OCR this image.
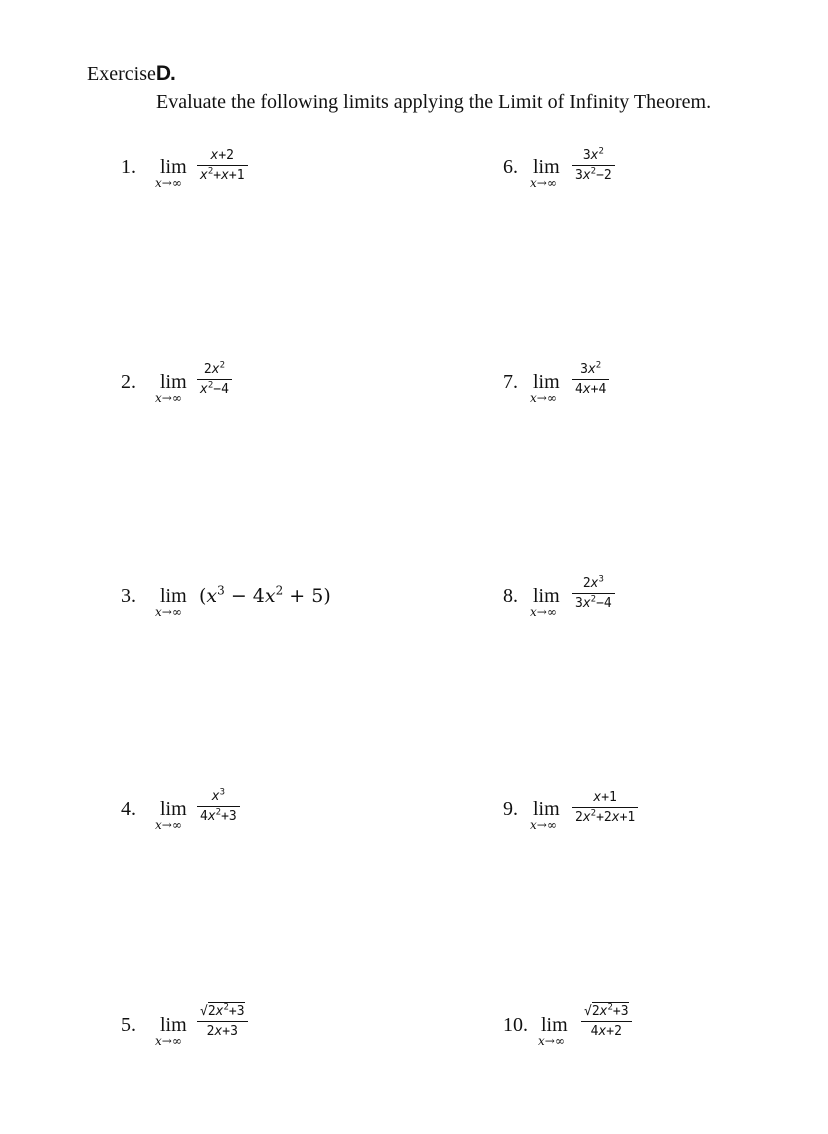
ExerciseD.
Evaluate the following limits applying the Limit of Infinity Theorem.
1. lim
$x\to\infty \frac{x+2}{x^2+x+1}$
2. lim
x→∞
$\frac{2x^2}{x^2-4}$
3. lim
x→∞
$(x^3 - 4x^2 + 5)$
4. lim
x→∞
$\frac{x^3}{4x^2+3}$
5. lim
x→∞
$\frac{√2x^2+3}{2x+3}$
6. lim
$x\to\infty \frac{3x^2}{3x^2-2}$
7. lim
x→∞
$\frac{3x^2}{4x+4}$
8. lim
x→∞
$\frac{2x^3}{3x^2-4}$
9. lim
$x\to\infty \frac{x+1}{2x^2+2x+1}$
10. lim
x→∞
$\frac{√2x^2+3}{4x+2}$
